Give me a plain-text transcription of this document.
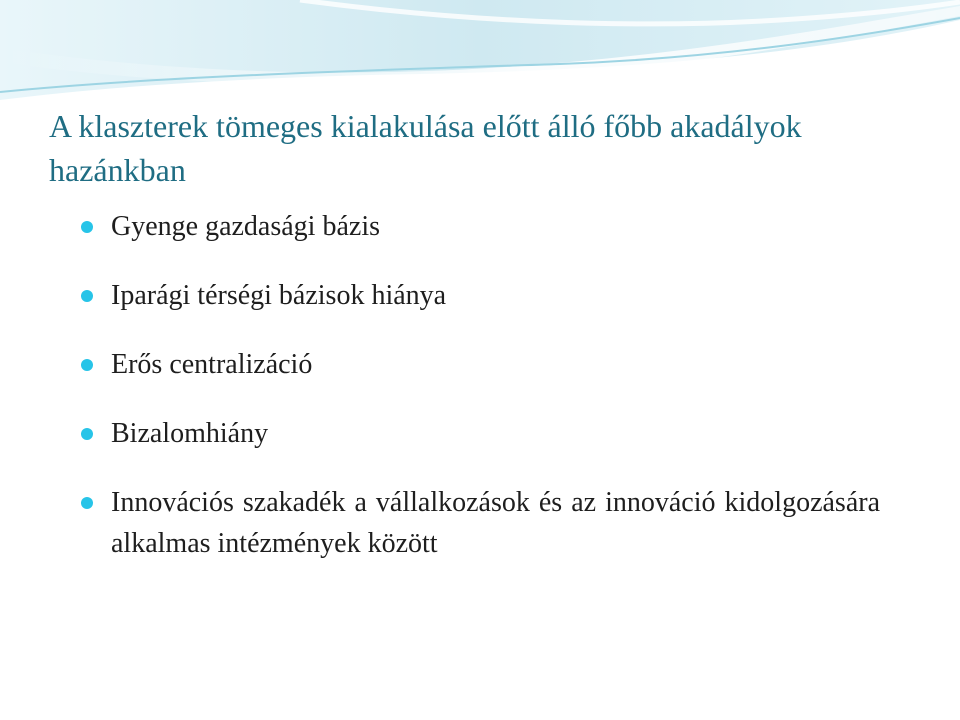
A klaszterek tömeges kialakulása előtt álló főbb akadályok hazánkban
Gyenge gazdasági bázis
Iparági térségi bázisok hiánya
Erős centralizáció
Bizalomhiány
Innovációs szakadék a vállalkozások és az innováció kidolgozására alkalmas intézmények között
